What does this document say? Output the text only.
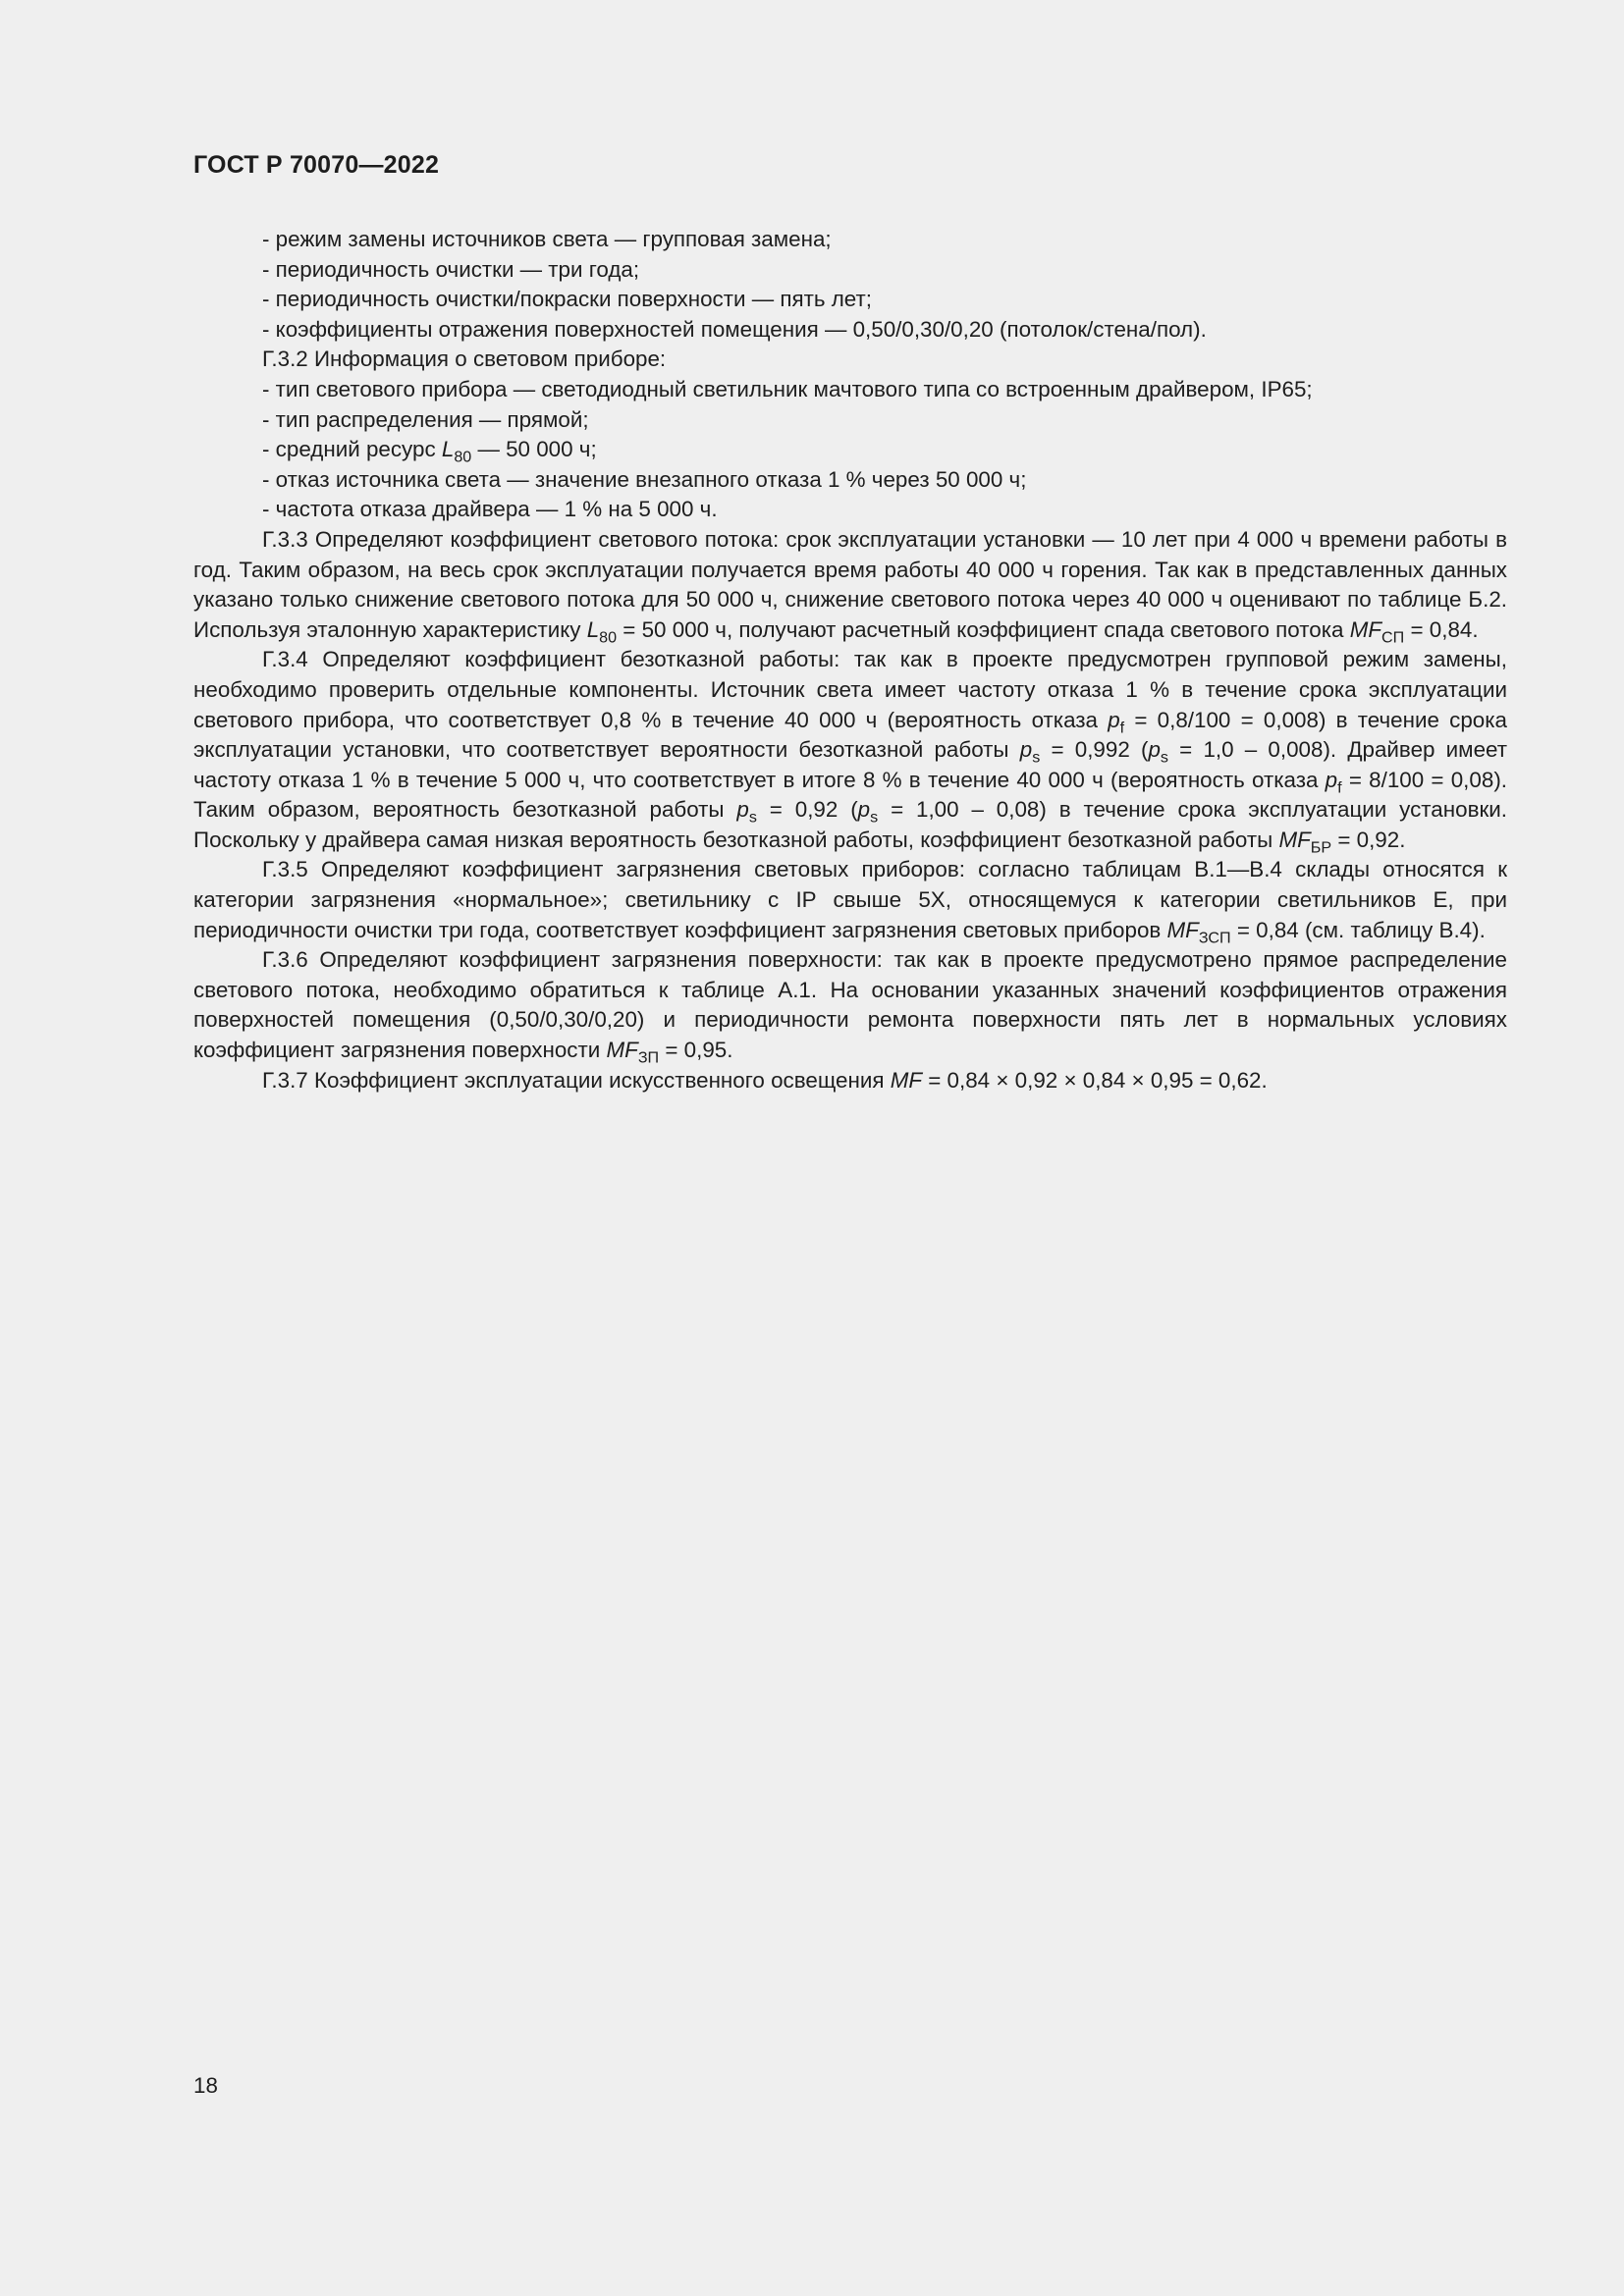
ГОСТ Р 70070—2022

- режим замены источников света — групповая замена;

- периодичность очистки — три года;

- периодичность очистки/покраски поверхности — пять лет;

- коэффициенты отражения поверхностей помещения — 0,50/0,30/0,20 (потолок/стена/пол).

Г.3.2 Информация о световом приборе:

- тип светового прибора — светодиодный светильник мачтового типа со встроенным драйвером, IP65;

- тип распределения — прямой;

- средний ресурс $L_{80}$ — 50 000 ч;

- отказ источника света — значение внезапного отказа 1 % через 50 000 ч;

- частота отказа драйвера — 1 % на 5 000 ч.

Г.3.3 Определяют коэффициент светового потока: срок эксплуатации установки — 10 лет при 4 000 ч времени работы в год. Таким образом, на весь срок эксплуатации получается время работы 40 000 ч горения. Так как в представленных данных указано только снижение светового потока для 50 000 ч, снижение светового потока через 40 000 ч оценивают по таблице Б.2. Используя эталонную характеристику $L_{80} = 50$ 000 ч, получают расчетный коэффициент спада светового потока $MF_{СП} = 0,84$.

Г.3.4 Определяют коэффициент безотказной работы: так как в проекте предусмотрен групповой режим замены, необходимо проверить отдельные компоненты. Источник света имеет частоту отказа 1 % в течение срока эксплуатации светового прибора, что соответствует 0,8 % в течение 40 000 ч (вероятность отказа $p_f = 0,8/100 = 0,008$) в течение срока эксплуатации установки, что соответствует вероятности безотказной работы $p_s = 0,992$ $(p_s = 1,0 - 0,008)$. Драйвер имеет частоту отказа 1 % в течение 5 000 ч, что соответствует в итоге 8 % в течение 40 000 ч (вероятность отказа $p_f = 8/100 = 0,08$). Таким образом, вероятность безотказной работы $p_s = 0,92$ $(p_s = 1,00 - 0,08)$ в течение срока эксплуатации установки. Поскольку у драйвера самая низкая вероятность безотказной работы, коэффициент безотказной работы $MF_{БР} = 0,92$.

Г.3.5 Определяют коэффициент загрязнения световых приборов: согласно таблицам В.1—В.4 склады относятся к категории загрязнения «нормальное»; светильнику с IP свыше 5X, относящемуся к категории светильников Е, при периодичности очистки три года, соответствует коэффициент загрязнения световых приборов $MF_{ЗСП} = 0,84$ (см. таблицу В.4).

Г.3.6 Определяют коэффициент загрязнения поверхности: так как в проекте предусмотрено прямое распределение светового потока, необходимо обратиться к таблице А.1. На основании указанных значений коэффициентов отражения поверхностей помещения (0,50/0,30/0,20) и периодичности ремонта поверхности пять лет в нормальных условиях коэффициент загрязнения поверхности $MF_{ЗП} = 0,95$.

Г.3.7 Коэффициент эксплуатации искусственного освещения MF = 0,84 × 0,92 × 0,84 × 0,95 = 0,62.

18
